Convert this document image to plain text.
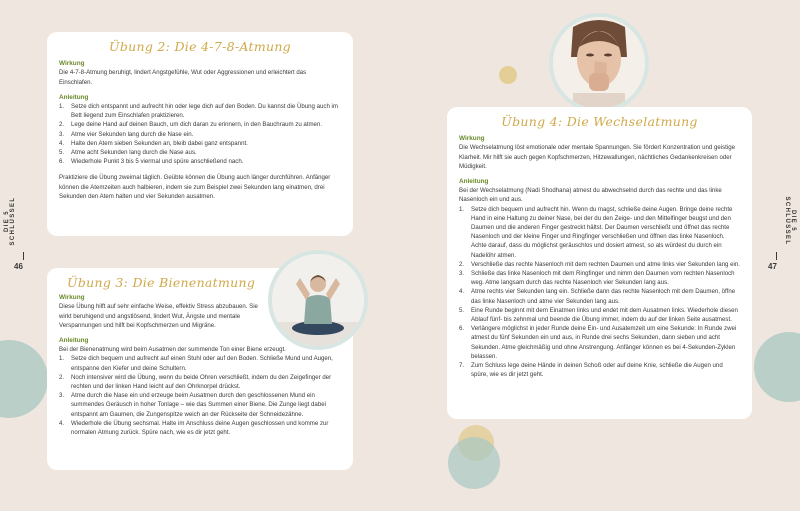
DIE 5 SCHLÜSSEL
46
DIE 5 SCHLÜSSEL
47
Übung 2: Die 4-7-8-Atmung
Wirkung
Die 4-7-8-Atmung beruhigt, lindert Angstgefühle, Wut oder Aggressionen und erleichtert das Einschlafen.
Anleitung
1.	Setze dich entspannt und aufrecht hin oder lege dich auf den Boden. Du kannst die Übung auch im Bett liegend zum Einschlafen praktizieren.
2.	Lege deine Hand auf deinen Bauch, um dich daran zu erinnern, in den Bauchraum zu atmen.
3.	Atme vier Sekunden lang durch die Nase ein.
4.	Halte den Atem sieben Sekunden an, bleib dabei ganz entspannt.
5.	Atme acht Sekunden lang durch die Nase aus.
6.	Wiederhole Punkt 3 bis 5 viermal und spüre anschließend nach.
Praktiziere die Übung zweimal täglich. Geübte können die Übung auch länger durchführen. Anfänger können die Atemzeiten auch halbieren, indem sie zum Beispiel zwei Sekunden lang einatmen, drei Sekunden den Atem halten und vier Sekunden ausatmen.
Übung 3: Die Bienenatmung
Wirkung
Diese Übung hilft auf sehr einfache Weise, effektiv Stress abzubauen. Sie wirkt beruhigend und angstlösend, lindert Wut, Ängste und mentale Verspannungen und hilft bei Kopfschmerzen und Migräne.
Anleitung
Bei der Bienenatmung wird beim Ausatmen der summende Ton einer Biene erzeugt.
1.	Setze dich bequem und aufrecht auf einen Stuhl oder auf den Boden. Schließe Mund und Augen, entspanne den Kiefer und deine Schultern.
2.	Noch intensiver wird die Übung, wenn du beide Ohren verschließt, indem du den Zeigefinger der rechten und der linken Hand leicht auf den Ohrknorpel drückst.
3.	Atme durch die Nase ein und erzeuge beim Ausatmen durch den geschlossenen Mund ein summendes Geräusch in hoher Tonlage – wie das Summen einer Biene. Die Zunge liegt dabei entspannt am Gaumen, die Zungenspitze weich an der Rückseite der Schneidezähne.
4.	Wiederhole die Übung sechsmal. Halte im Anschluss deine Augen geschlossen und komme zur normalen Atmung zurück. Spüre nach, wie es dir jetzt geht.
Übung 4: Die Wechselatmung
Wirkung
Die Wechselatmung löst emotionale oder mentale Spannungen. Sie fördert Konzentration und geistige Klarheit. Mir hilft sie auch gegen Kopfschmerzen, Hitzewallungen, nächtliches Gedankenkreisen oder Müdigkeit.
Anleitung
Bei der Wechselatmung (Nadi Shodhana) atmest du abwechselnd durch das rechte und das linke Nasenloch ein und aus.
1.	Setze dich bequem und aufrecht hin. Wenn du magst, schließe deine Augen. Bringe deine rechte Hand in eine Haltung zu deiner Nase, bei der du den Zeige- und den Mittelfinger beugst und den Daumen und die anderen Finger gestreckt hältst. Der Daumen verschließt und öffnet das rechte Nasenloch und der kleine Finger und Ringfinger verschließen und öffnen das linke Nasenloch. Achte darauf, dass du möglichst geräuschlos und dosiert atmest, so als würdest du durch ein Nadelöhr atmen.
2.	Verschließe das rechte Nasenloch mit dem rechten Daumen und atme links vier Sekunden lang ein.
3.	Schließe das linke Nasenloch mit dem Ringfinger und nimm den Daumen vom rechten Nasenloch weg. Atme langsam durch das rechte Nasenloch vier Sekunden lang aus.
4.	Atme rechts vier Sekunden lang ein. Schließe dann das rechte Nasenloch mit dem Daumen, öffne das linke Nasenloch und atme vier Sekunden lang aus.
5.	Eine Runde beginnt mit dem Einatmen links und endet mit dem Ausatmen links. Wiederhole diesen Ablauf fünf- bis zehnmal und beende die Übung immer, indem du auf der linken Seite ausatmest.
6.	Verlängere möglichst in jeder Runde deine Ein- und Ausatemzeit um eine Sekunde: In Runde zwei atmest du fünf Sekunden ein und aus, in Runde drei sechs Sekunden, dann sieben und acht Sekunden. Atme gleichmäßig und ohne Anstrengung. Anfänger können es bei 4-Sekunden-Zyklen belassen.
7.	Zum Schluss lege deine Hände in deinen Schoß oder auf deine Knie, schließe die Augen und spüre, wie es dir jetzt geht.
